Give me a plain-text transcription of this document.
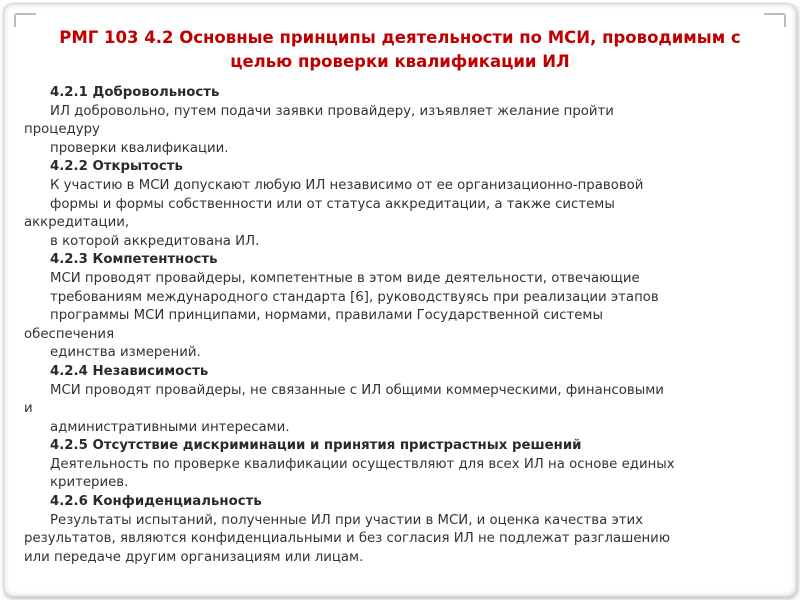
РМГ 103 4.2 Основные принципы деятельности по МСИ, проводимым с целью проверки квалификации ИЛ

4.2.1 Добровольность

ИЛ добровольно, путем подачи заявки провайдеру, изъявляет желание пройти

процедуру

проверки квалификации.

4.2.2 Открытость

К участию в МСИ допускают любую ИЛ независимо от ее организационно-правовой

формы и формы собственности или от статуса аккредитации, а также системы

аккредитации,

в которой аккредитована ИЛ.

4.2.3 Компетентность

МСИ проводят провайдеры, компетентные в этом виде деятельности, отвечающие

требованиям международного стандарта [6], руководствуясь при реализации этапов

программы МСИ принципами, нормами, правилами Государственной системы

обеспечения

единства измерений.

4.2.4 Независимость

МСИ проводят провайдеры, не связанные с ИЛ общими коммерческими, финансовыми

и

административными интересами.

4.2.5 Отсутствие дискриминации и принятия пристрастных решений

Деятельность по проверке квалификации осуществляют для всех ИЛ на основе единых

критериев.

4.2.6 Конфиденциальность

Результаты испытаний, полученные ИЛ при участии в МСИ, и оценка качества этих

результатов, являются конфиденциальными и без согласия ИЛ не подлежат разглашению

или передаче другим организациям или лицам.
